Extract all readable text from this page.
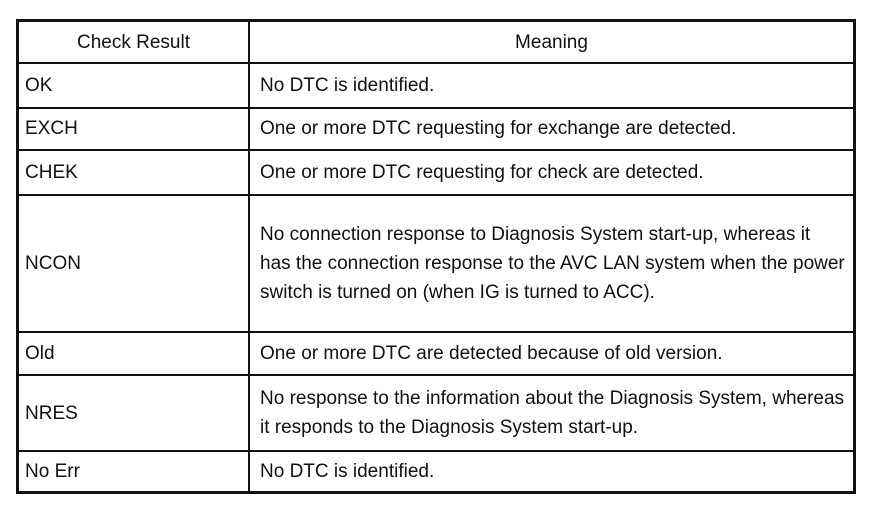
Check Result	Meaning
OK	No DTC is identified.
EXCH	One or more DTC requesting for exchange are detected.
CHEK	One or more DTC requesting for check are detected.
NCON	No connection response to Diagnosis System start-up, whereas it has the connection response to the AVC LAN system when the power switch is turned on (when IG is turned to ACC).
Old	One or more DTC are detected because of old version.
NRES	No response to the information about the Diagnosis System, whereas it responds to the Diagnosis System start-up.
No Err	No DTC is identified.
